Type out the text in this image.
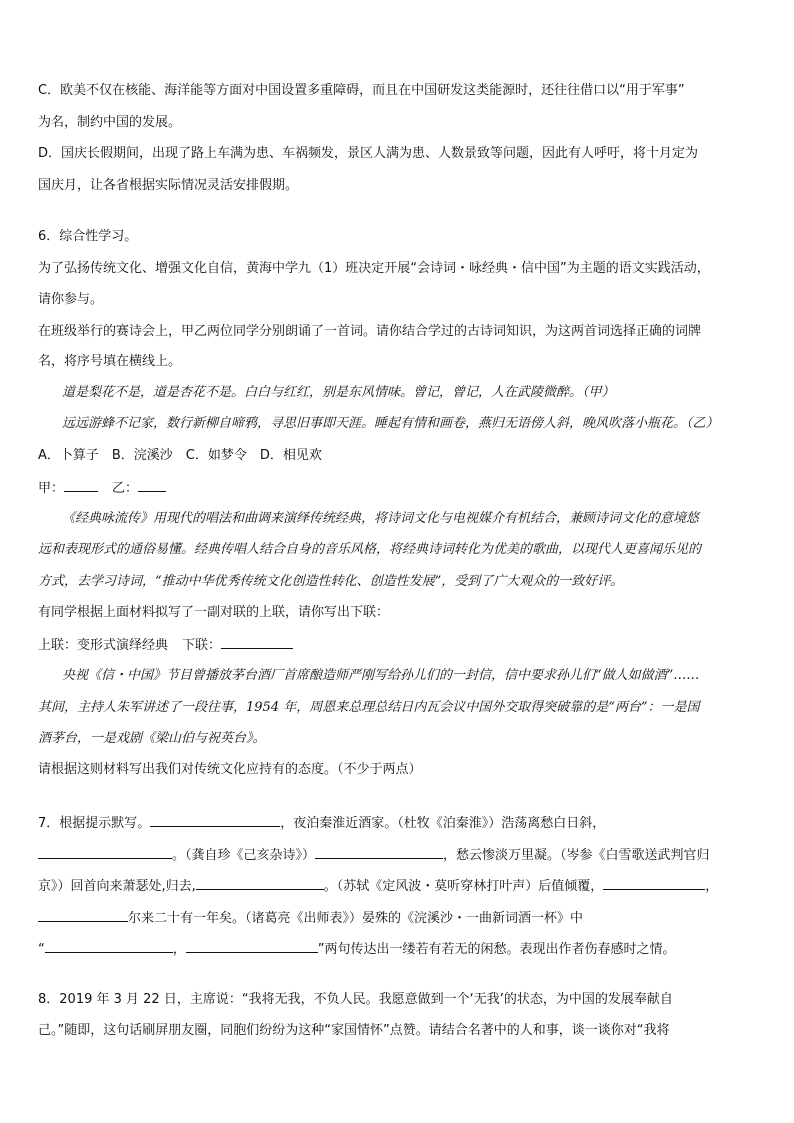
C．欧美不仅在核能、海洋能等方面对中国设置多重障碍，而且在中国研发这类能源时，还往往借口以“用于军事”
为名，制约中国的发展。
D．国庆长假期间，出现了路上车满为患、车祸频发，景区人满为患、人数景致等问题，因此有人呼吁，将十月定为
国庆月，让各省根据实际情况灵活安排假期。
6．综合性学习。
为了弘扬传统文化、增强文化自信，黄海中学九（1）班决定开展“会诗词・咏经典・信中国”为主题的语文实践活动，
请你参与。
在班级举行的赛诗会上，甲乙两位同学分别朗诵了一首词。请你结合学过的古诗词知识，为这两首词选择正确的词牌
名，将序号填在横线上。
道是梨花不是，道是杏花不是。白白与红红，别是东风情味。曾记，曾记，人在武陵微醉。（甲）
远远游蜂不记家，数行新柳自啼鸦，寻思旧事即天涯。睡起有情和画卷，燕归无语傍人斜，晚风吹落小瓶花。（乙）
A．卜算子　B．浣溪沙　C．如梦令　D．相见欢
甲：	乙：
《经典咏流传》用现代的唱法和曲调来演绎传统经典，将诗词文化与电视媒介有机结合，兼顾诗词文化的意境悠
远和表现形式的通俗易懂。经典传唱人结合自身的音乐风格，将经典诗词转化为优美的歌曲，以现代人更喜闻乐见的
方式，去学习诗词，“推动中华优秀传统文化创造性转化、创造性发展”，受到了广大观众的一致好评。
有同学根据上面材料拟写了一副对联的上联，请你写出下联：
上联：变形式演绎经典 下联：
央视《信・中国》节目曾播放茅台酒厂首席酿造师严刚写给孙儿们的一封信，信中要求孙儿们“做人如做酒”……
其间，主持人朱军讲述了一段往事，1954 年，周恩来总理总结日内瓦会议中国外交取得突破靠的是“两台”：一是国
酒茅台，一是戏剧《梁山伯与祝英台》。
请根据这则材料写出我们对传统文化应持有的态度。（不少于两点）
7．根据提示默写。	，夜泊秦淮近酒家。（杜牧《泊秦淮》）浩荡离愁白日斜，
。（龚自珍《己亥杂诗》）	，愁云惨淡万里凝。（岑参《白雪歌送武判官归
京》）回首向来萧瑟处,归去,	。（苏轼《定风波・莫听穿林打叶声）后值倾覆，	，
尔来二十有一年矣。（诸葛亮《出师表》）晏殊的《浣溪沙・一曲新词酒一杯》中
“	，	”两句传达出一缕若有若无的闲愁。表现出作者伤春感时之情。
8．2019 年 3 月 22 日，主席说：“我将无我，不负人民。我愿意做到一个‘无我’的状态，为中国的发展奉献自
己。”随即，这句话刷屏朋友圈，同胞们纷纷为这种“家国情怀”点赞。请结合名著中的人和事，谈一谈你对“我将
